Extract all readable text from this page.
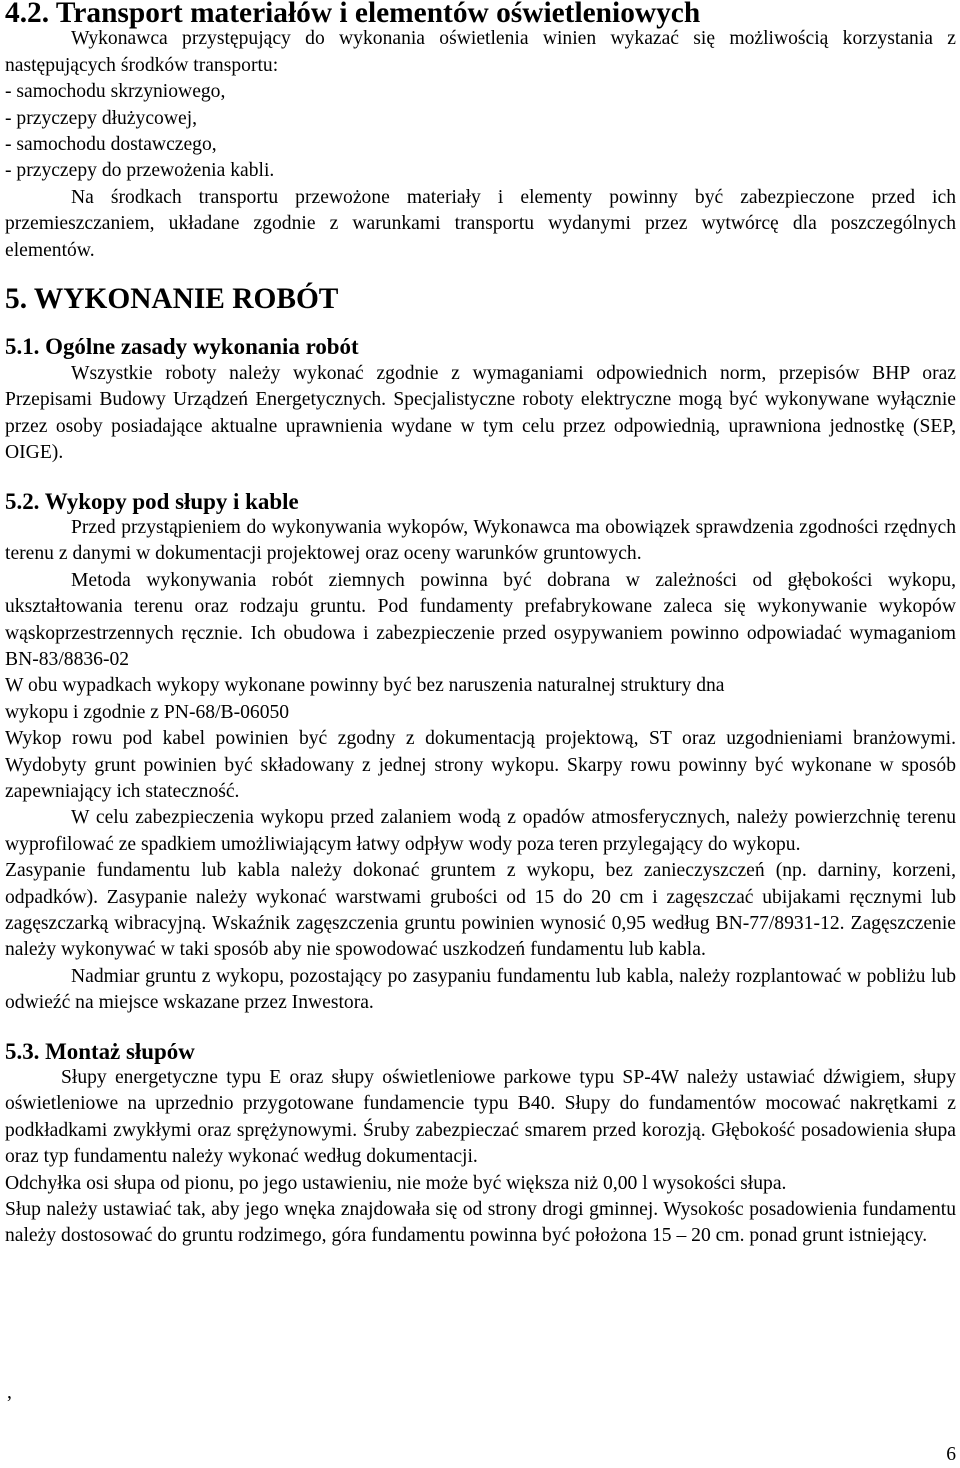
4.2. Transport materiałów i elementów oświetleniowych

Wykonawca przystępujący do wykonania oświetlenia winien wykazać się możliwością korzystania z następujących środków transportu:

- samochodu skrzyniowego,
- przyczepy dłużycowej,
- samochodu dostawczego,
- przyczepy do przewożenia kabli.

Na środkach transportu przewożone materiały i elementy powinny być zabezpieczone przed ich przemieszczaniem, układane zgodnie z warunkami transportu wydanymi przez wytwórcę dla poszczególnych elementów.

5. WYKONANIE ROBÓT
5.1. Ogólne zasady wykonania robót

Wszystkie roboty należy wykonać zgodnie z wymaganiami odpowiednich norm, przepisów BHP oraz Przepisami Budowy Urządzeń Energetycznych. Specjalistyczne roboty elektryczne mogą być wykonywane wyłącznie przez osoby posiadające aktualne uprawnienia wydane w tym celu przez odpowiednią, uprawniona jednostkę (SEP, OIGE).

5.2. Wykopy pod słupy i kable

Przed przystąpieniem do wykonywania wykopów, Wykonawca ma obowiązek sprawdzenia zgodności rzędnych terenu z danymi w dokumentacji projektowej oraz oceny warunków gruntowych.

Metoda wykonywania robót ziemnych powinna być dobrana w zależności od głębokości wykopu, ukształtowania terenu oraz rodzaju gruntu. Pod fundamenty prefabrykowane zaleca się wykonywanie wykopów wąskoprzestrzennych ręcznie. Ich obudowa i zabezpieczenie przed osypywaniem powinno odpowiadać wymaganiom BN-83/8836-02

W obu wypadkach wykopy wykonane powinny być bez naruszenia naturalnej struktury dna

wykopu i zgodnie z PN-68/B-06050

Wykop rowu pod kabel powinien być zgodny z dokumentacją projektową, ST oraz uzgodnieniami branżowymi. Wydobyty grunt powinien być składowany z jednej strony wykopu. Skarpy rowu powinny być wykonane w sposób zapewniający ich stateczność.

W celu zabezpieczenia wykopu przed zalaniem wodą z opadów atmosferycznych, należy powierzchnię terenu wyprofilować ze spadkiem umożliwiającym łatwy odpływ wody poza teren przylegający do wykopu.

Zasypanie fundamentu lub kabla należy dokonać gruntem z wykopu, bez zanieczyszczeń (np. darniny, korzeni, odpadków). Zasypanie należy wykonać warstwami grubości od 15 do 20 cm i zagęszczać ubijakami ręcznymi lub zagęszczarką wibracyjną. Wskaźnik zagęszczenia gruntu powinien wynosić 0,95 według BN-77/8931-12. Zagęszczenie należy wykonywać w taki sposób aby nie spowodować uszkodzeń fundamentu lub kabla.

Nadmiar gruntu z wykopu, pozostający po zasypaniu fundamentu lub kabla, należy rozplantować w pobliżu lub odwieźć na miejsce wskazane przez Inwestora.

5.3. Montaż słupów

Słupy energetyczne typu E oraz słupy oświetleniowe parkowe typu SP-4W należy ustawiać dźwigiem, słupy oświetleniowe na uprzednio przygotowane fundamencie typu B40. Słupy do fundamentów mocować nakrętkami z podkładkami zwykłymi oraz sprężynowymi. Śruby zabezpieczać smarem przed korozją. Głębokość posadowienia słupa oraz typ fundamentu należy wykonać według dokumentacji.

Odchyłka osi słupa od pionu, po jego ustawieniu, nie może być większa niż 0,00 l wysokości słupa.

Słup należy ustawiać tak, aby jego wnęka znajdowała się od strony drogi gminnej. Wysokośc posadowienia fundamentu należy dostosować do gruntu rodzimego, góra fundamentu powinna być położona 15 – 20 cm. ponad grunt istniejący.

,
6
